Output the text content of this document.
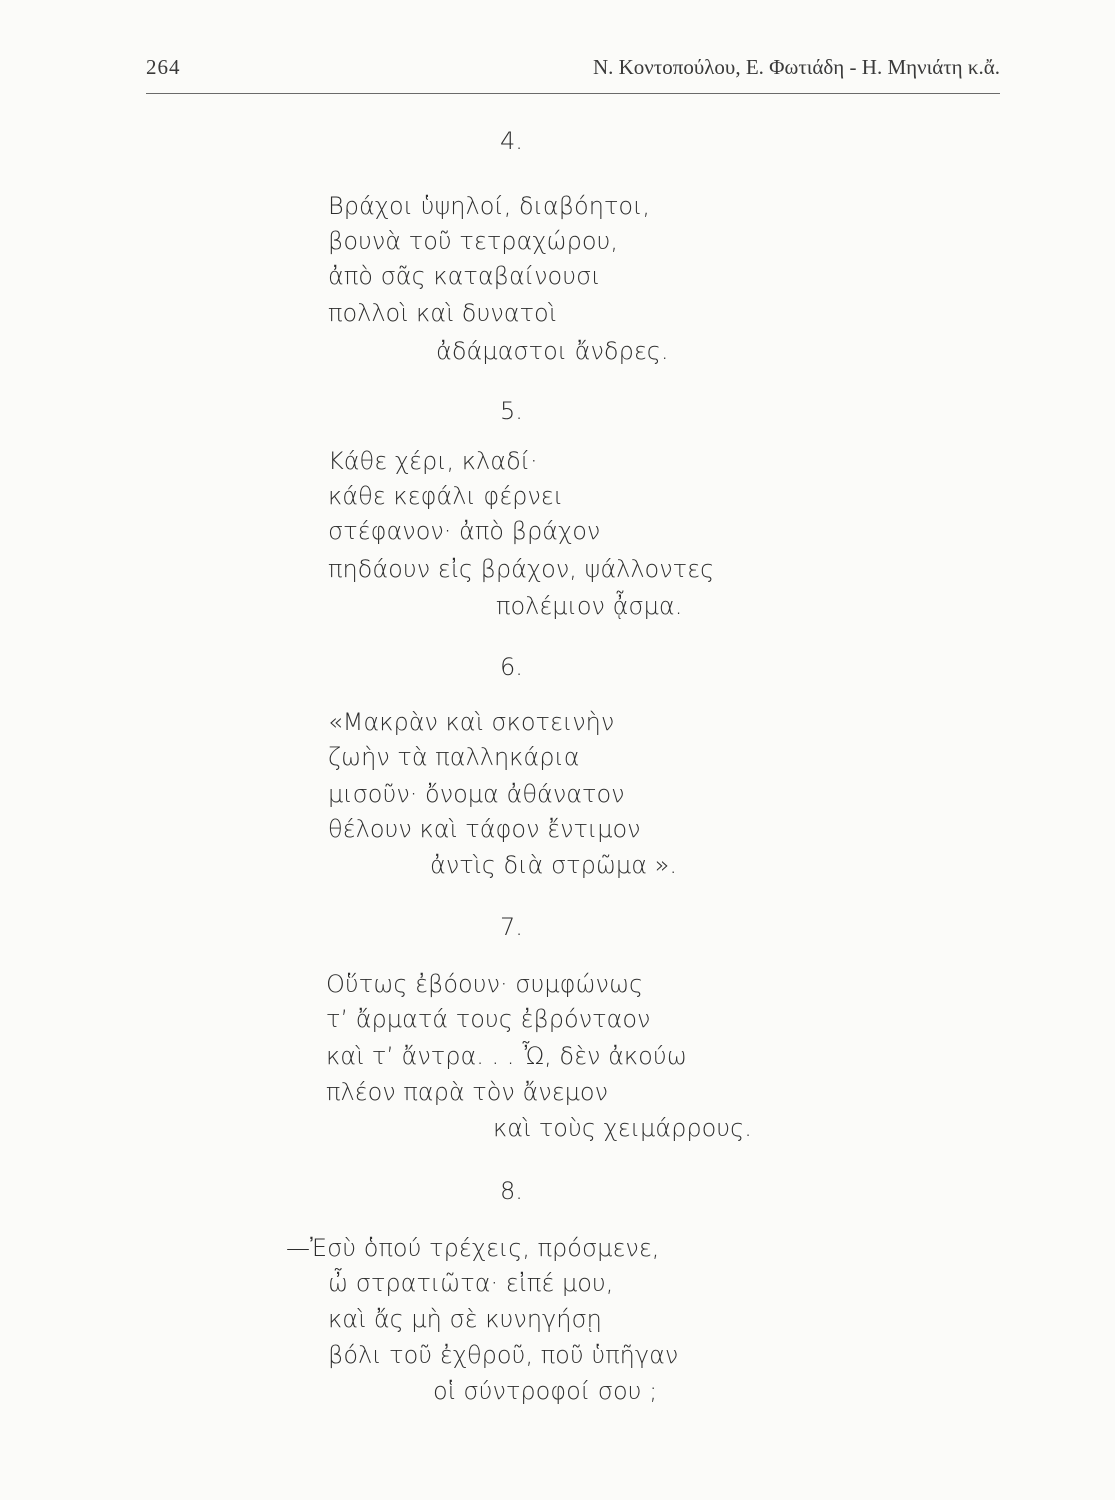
264	Ν. Κοντοπούλου, Ε. Φωτιάδη - Η. Μηνιάτη κ.ἄ.
4.
Βράχοι ὑψηλοί, διαβόητοι,
βουνὰ τοῦ τετραχώρου,
ἀπὸ σᾶς καταβαίνουσι
πολλοὶ καὶ δυνατοὶ
ἀδάμαστοι ἄνδρες.
5.
Κάθε χέρι, κλαδί·
κάθε κεφάλι φέρνει
στέφανον· ἀπὸ βράχον
πηδάουν εἰς βράχον, ψάλλοντες
πολέμιον ᾆσμα.
6.
«Μακρὰν καὶ σκοτεινὴν
ζωὴν τὰ παλληκάρια
μισοῦν· ὄνομα ἀθάνατον
θέλουν καὶ τάφον ἔντιμον
ἀντὶς διὰ στρῶμα ».
7.
Οὕτως ἐβόουν· συμφώνως
τ’ ἄρματά τους ἐβρόνταον
καὶ τ’ ἄντρα. . . Ὦ, δὲν ἀκούω
πλέον παρὰ τὸν ἄνεμον
καὶ τοὺς χειμάρρους.
8.
—Ἐσὺ ὁπού τρέχεις, πρόσμενε,
ὦ στρατιῶτα· εἰπέ μου,
καὶ ἄς μὴ σὲ κυνηγήσῃ
βόλι τοῦ ἐχθροῦ, ποῦ ὑπῆγαν
οἱ σύντροφοί σου ;
